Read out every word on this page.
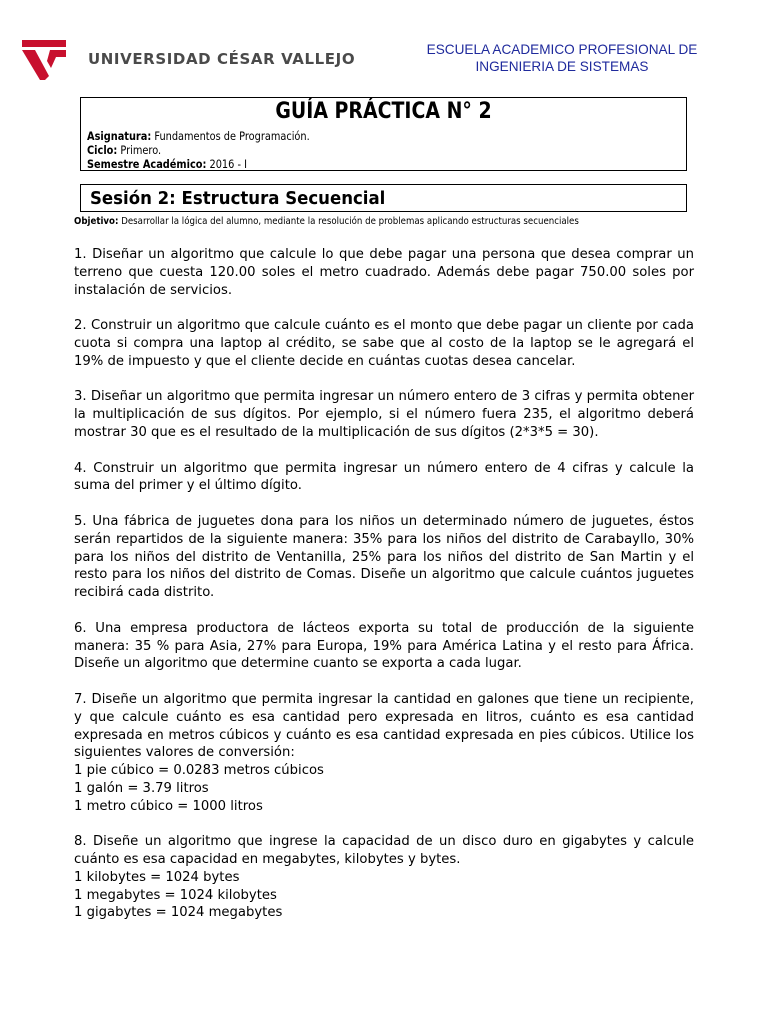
UNIVERSIDAD CÉSAR VALLEJO
ESCUELA ACADEMICO PROFESIONAL DE
INGENIERIA DE SISTEMAS
GUÍA PRÁCTICA N° 2
Asignatura: Fundamentos de Programación.
Ciclo: Primero.
Semestre Académico: 2016 - I
Sesión 2: Estructura Secuencial
Objetivo: Desarrollar la lógica del alumno, mediante la resolución de problemas aplicando estructuras secuenciales
1. Diseñar un algoritmo que calcule lo que debe pagar una persona que desea comprar un terreno que cuesta 120.00 soles el metro cuadrado. Además debe pagar 750.00 soles por instalación de servicios.
2. Construir un algoritmo que calcule cuánto es el monto que debe pagar un cliente por cada cuota si compra una laptop al crédito, se sabe que al costo de la laptop se le agregará el 19% de impuesto y que el cliente decide en cuántas cuotas desea cancelar.
3. Diseñar un algoritmo que permita ingresar un número entero de 3 cifras y permita obtener la multiplicación de sus dígitos. Por ejemplo, si el número fuera 235, el algoritmo deberá mostrar 30 que es el resultado de la multiplicación de sus dígitos (2*3*5 = 30).
4. Construir un algoritmo que permita ingresar un número entero de 4 cifras y calcule la suma del primer y el último dígito.
5. Una fábrica de juguetes dona para los niños un determinado número de juguetes, éstos serán repartidos de la siguiente manera: 35% para los niños del distrito de Carabayllo, 30% para los niños del distrito de Ventanilla, 25% para los niños del distrito de San Martin y el resto para los niños del distrito de Comas. Diseñe un algoritmo que calcule cuántos juguetes recibirá cada distrito.
6. Una empresa productora de lácteos exporta su total de producción de la siguiente manera: 35 % para Asia, 27% para Europa, 19% para América Latina y el resto para África. Diseñe un algoritmo que determine cuanto se exporta a cada lugar.
7. Diseñe un algoritmo que permita ingresar la cantidad en galones que tiene un recipiente, y que calcule cuánto es esa cantidad pero expresada en litros, cuánto es esa cantidad expresada en metros cúbicos y cuánto es esa cantidad expresada en pies cúbicos. Utilice los siguientes valores de conversión:
1 pie cúbico = 0.0283 metros cúbicos
1 galón = 3.79 litros
1 metro cúbico = 1000 litros
8. Diseñe un algoritmo que ingrese la capacidad de un disco duro en gigabytes y calcule cuánto es esa capacidad en megabytes, kilobytes y bytes.
1 kilobytes = 1024 bytes
1 megabytes = 1024 kilobytes
1 gigabytes = 1024 megabytes
